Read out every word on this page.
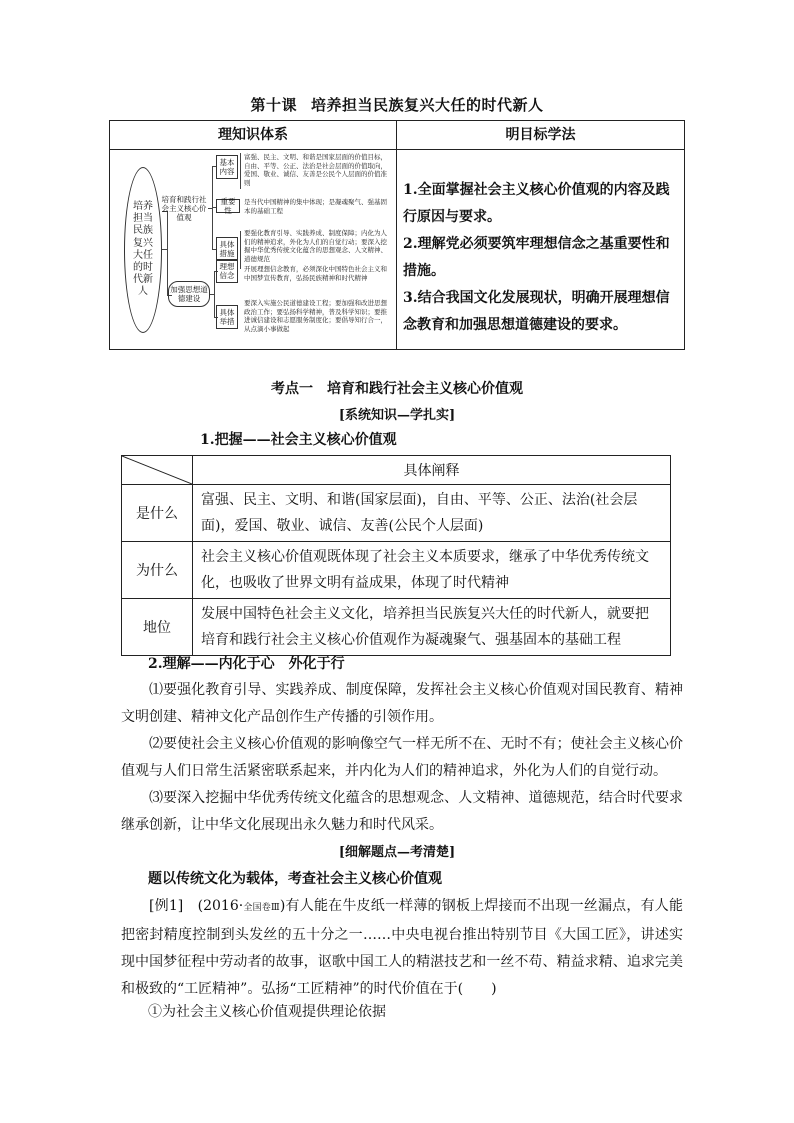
第十课 培养担当民族复兴大任的时代新人
理知识体系	明目标学法
培养担当民族复兴大任的时代新人
培育和践行社会主义核心价值观
加强思想道德建设
基本内容
重要性
具体措施
理想信念
具体举措
富强、民主、文明、和谐是国家层面的价值目标，自由、平等、公正、法治是社会层面的价值取向，爱国、敬业、诚信、友善是公民个人层面的价值准则
是当代中国精神的集中体现；是凝魂聚气、强基固本的基础工程
要强化教育引导、实践养成、制度保障；内化为人们的精神追求，外化为人们的自觉行动；要深入挖掘中华优秀传统文化蕴含的思想观念、人文精神、道德规范
开展理想信念教育，必须深化中国特色社会主义和中国梦宣传教育，弘扬民族精神和时代精神
要深入实施公民道德建设工程；要加强和改进思想政治工作；要弘扬科学精神，普及科学知识；要推进诚信建设和志愿服务制度化；要倡导知行合一，从点滴小事做起
1.全面掌握社会主义核心价值观的内容及践行原因与要求。
2.理解党必须要筑牢理想信念之基重要性和措施。
3.结合我国文化发展现状，明确开展理想信念教育和加强思想道德建设的要求。
考点一　 培育和践行社会主义核心价值观
[系统知识—学扎实]
1.把握——社会主义核心价值观
	具体阐释
是什么	富强、民主、文明、和谐(国家层面)，自由、平等、公正、法治(社会层面)，爱国、敬业、诚信、友善(公民个人层面)
为什么	社会主义核心价值观既体现了社会主义本质要求，继承了中华优秀传统文化，也吸收了世界文明有益成果，体现了时代精神
地位	发展中国特色社会主义文化，培养担当民族复兴大任的时代新人，就要把培育和践行社会主义核心价值观作为凝魂聚气、强基固本的基础工程
2.理解——内化于心　外化于行
⑴要强化教育引导、实践养成、制度保障，发挥社会主义核心价值观对国民教育、精神文明创建、精神文化产品创作生产传播的引领作用。
⑵要使社会主义核心价值观的影响像空气一样无所不在、无时不有；使社会主义核心价值观与人们日常生活紧密联系起来，并内化为人们的精神追求，外化为人们的自觉行动。
⑶要深入挖掘中华优秀传统文化蕴含的思想观念、人文精神、道德规范，结合时代要求继承创新，让中华文化展现出永久魅力和时代风采。
[细解题点—考清楚]
题以传统文化为载体，考查社会主义核心价值观
[例1]　 (2016·全国卷Ⅲ)有人能在牛皮纸一样薄的钢板上焊接而不出现一丝漏点，有人能把密封精度控制到头发丝的五十分之一……中央电视台推出特别节目《大国工匠》，讲述实现中国梦征程中劳动者的故事，讴歌中国工人的精湛技艺和一丝不苟、精益求精、追求完美和极致的“工匠精神”。弘扬“工匠精神”的时代价值在于(　　)
①为社会主义核心价值观提供理论依据
